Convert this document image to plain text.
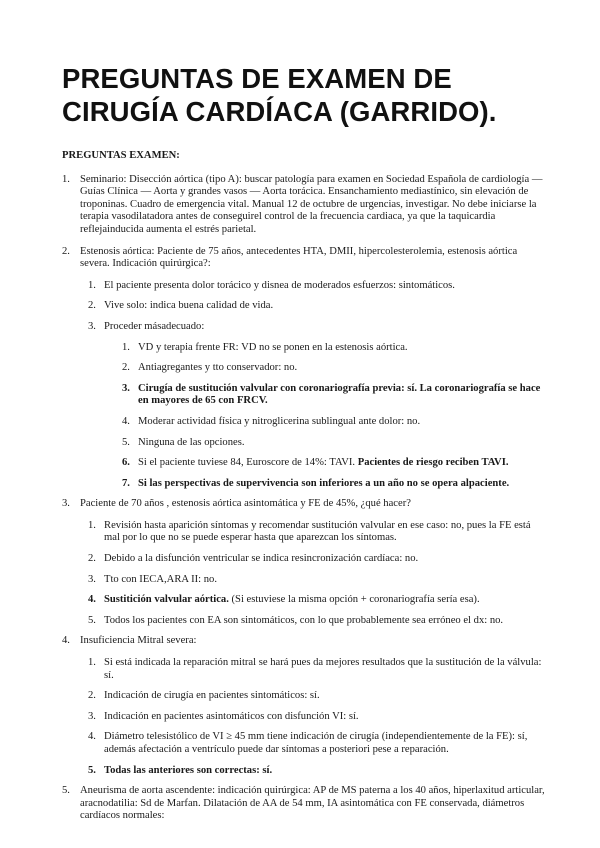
PREGUNTAS DE EXAMEN DE
CIRUGÍA CARDÍACA (GARRIDO).
PREGUNTAS EXAMEN:
1. Seminario: Disección aórtica (tipo A): buscar patología para examen en Sociedad Española de cardiología — Guías Clínica — Aorta y grandes vasos — Aorta torácica. Ensanchamiento mediastínico, sin elevación de troponinas. Cuadro de emergencia vital. Manual 12 de octubre de urgencias, investigar. No debe iniciarse la terapia vasodilatadora antes de conseguirel control de la frecuencia cardiaca, ya que la taquicardia reflejainducida aumenta el estrés parietal.
2. Estenosis aórtica: Paciente de 75 años, antecedentes HTA, DMII, hipercolesterolemia, estenosis aórtica severa. Indicación quirúrgica?:
1. El paciente presenta dolor torácico y disnea de moderados esfuerzos: sintomáticos.
2. Vive solo: indica buena calidad de vida.
3. Proceder másadecuado:
1. VD y terapia frente FR: VD no se ponen en la estenosis aórtica.
2. Antiagregantes y tto conservador: no.
3. Cirugía de sustitución valvular con coronariografía previa: sí. La coronariografía se hace en mayores de 65 con FRCV.
4. Moderar actividad física y nitroglicerina sublingual ante dolor: no.
5. Ninguna de las opciones.
6. Si el paciente tuviese 84, Euroscore de 14%: TAVI. Pacientes de riesgo reciben TAVI.
7. Si las perspectivas de supervivencia son inferiores a un año no se opera alpaciente.
3. Paciente de 70 años , estenosis aórtica asintomática y FE de 45%, ¿qué hacer?
1. Revisión hasta aparición síntomas y recomendar sustitución valvular en ese caso: no, pues la FE está mal por lo que no se puede esperar hasta que aparezcan los síntomas.
2. Debido a la disfunción ventricular se indica resincronización cardíaca: no.
3. Tto con IECA,ARA II: no.
4. Sustitición valvular aórtica. (Si estuviese la misma opción + coronariografía sería esa).
5. Todos los pacientes con EA son sintomáticos, con lo que probablemente sea erróneo el dx: no.
4. Insuficiencia Mitral severa:
1. Si está indicada la reparación mitral se hará pues da mejores resultados que la sustitución de la válvula: sí.
2. Indicación de cirugía en pacientes sintomáticos: sí.
3. Indicación en pacientes asintomáticos con disfunción VI: sí.
4. Diámetro telesistólico de VI ≥ 45 mm tiene indicación de cirugía (independientemente de la FE): sí, además afectación a ventrículo puede dar síntomas a posteriori pese a reparación.
5. Todas las anteriores son correctas: sí.
5. Aneurisma de aorta ascendente: indicación quirúrgica: AP de MS paterna a los 40 años, hiperlaxitud articular, aracnodatilia: Sd de Marfan. Dilatación de AA de 54 mm, IA asintomática con FE conservada, diámetros cardíacos normales:
